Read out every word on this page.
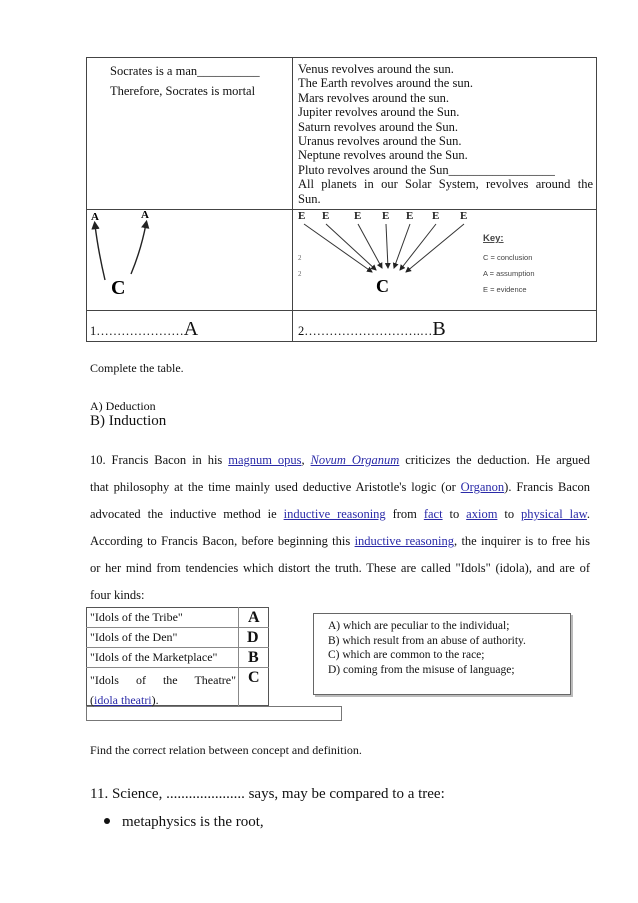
Socrates is a man__________
Therefore, Socrates is mortal
Venus revolves around the sun.
The Earth revolves around the sun.
Mars revolves around the sun.
Jupiter revolves around the Sun.
Saturn revolves around the Sun.
Uranus revolves around the Sun.
Neptune revolves around the Sun.
Pluto revolves around the Sun_________________
All planets in our Solar System, revolves around the
Sun.
A	A
C
E E E E E E E
C
2
2
Key:
C = conclusion
A = assumption
E = evidence
1…………………A	2……………………….…B
Complete the table.
A) Deduction
B) Induction
10. Francis Bacon in his magnum opus, Novum Organum criticizes the deduction. He argued
that philosophy at the time mainly used deductive Aristotle's logic (or Organon). Francis Bacon
advocated the inductive method ie inductive reasoning from fact to axiom to physical law.
According to Francis Bacon, before beginning this inductive reasoning, the inquirer is to free his
or her mind from tendencies which distort the truth. These are called "Idols" (idola), and are of
four kinds:
"Idols of the Tribe"
"Idols of the Den"
"Idols of the Marketplace"
"Idols of the Theatre"
(idola theatri).
A
D
B
C
A) which are peculiar to the individual;
B) which result from an abuse of authority.
C) which are common to the race;
D) coming from the misuse of language;
Find the correct relation between concept and definition.
11. Science, ..................... says, may be compared to a tree:
metaphysics is the root,
